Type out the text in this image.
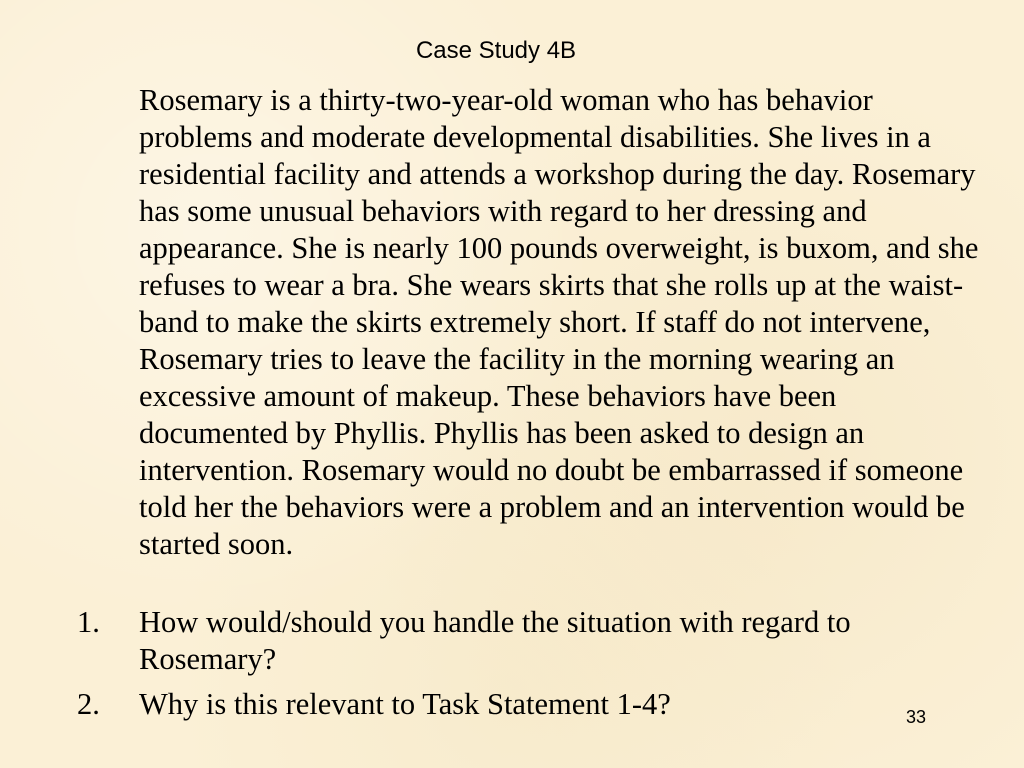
Case Study 4B

Rosemary is a thirty-two-year-old woman who has behavior problems and moderate developmental disabilities. She lives in a residential facility and attends a workshop during the day. Rosemary has some unusual behaviors with regard to her dressing and appearance. She is nearly 100 pounds overweight, is buxom, and she refuses to wear a bra. She wears skirts that she rolls up at the waist-band to make the skirts extremely short. If staff do not intervene, Rosemary tries to leave the facility in the morning wearing an excessive amount of makeup. These behaviors have been documented by Phyllis. Phyllis has been asked to design an intervention. Rosemary would no doubt be embarrassed if someone told her the behaviors were a problem and an intervention would be started soon.

1. How would/should you handle the situation with regard to Rosemary?
2. Why is this relevant to Task Statement 1-4?	33
